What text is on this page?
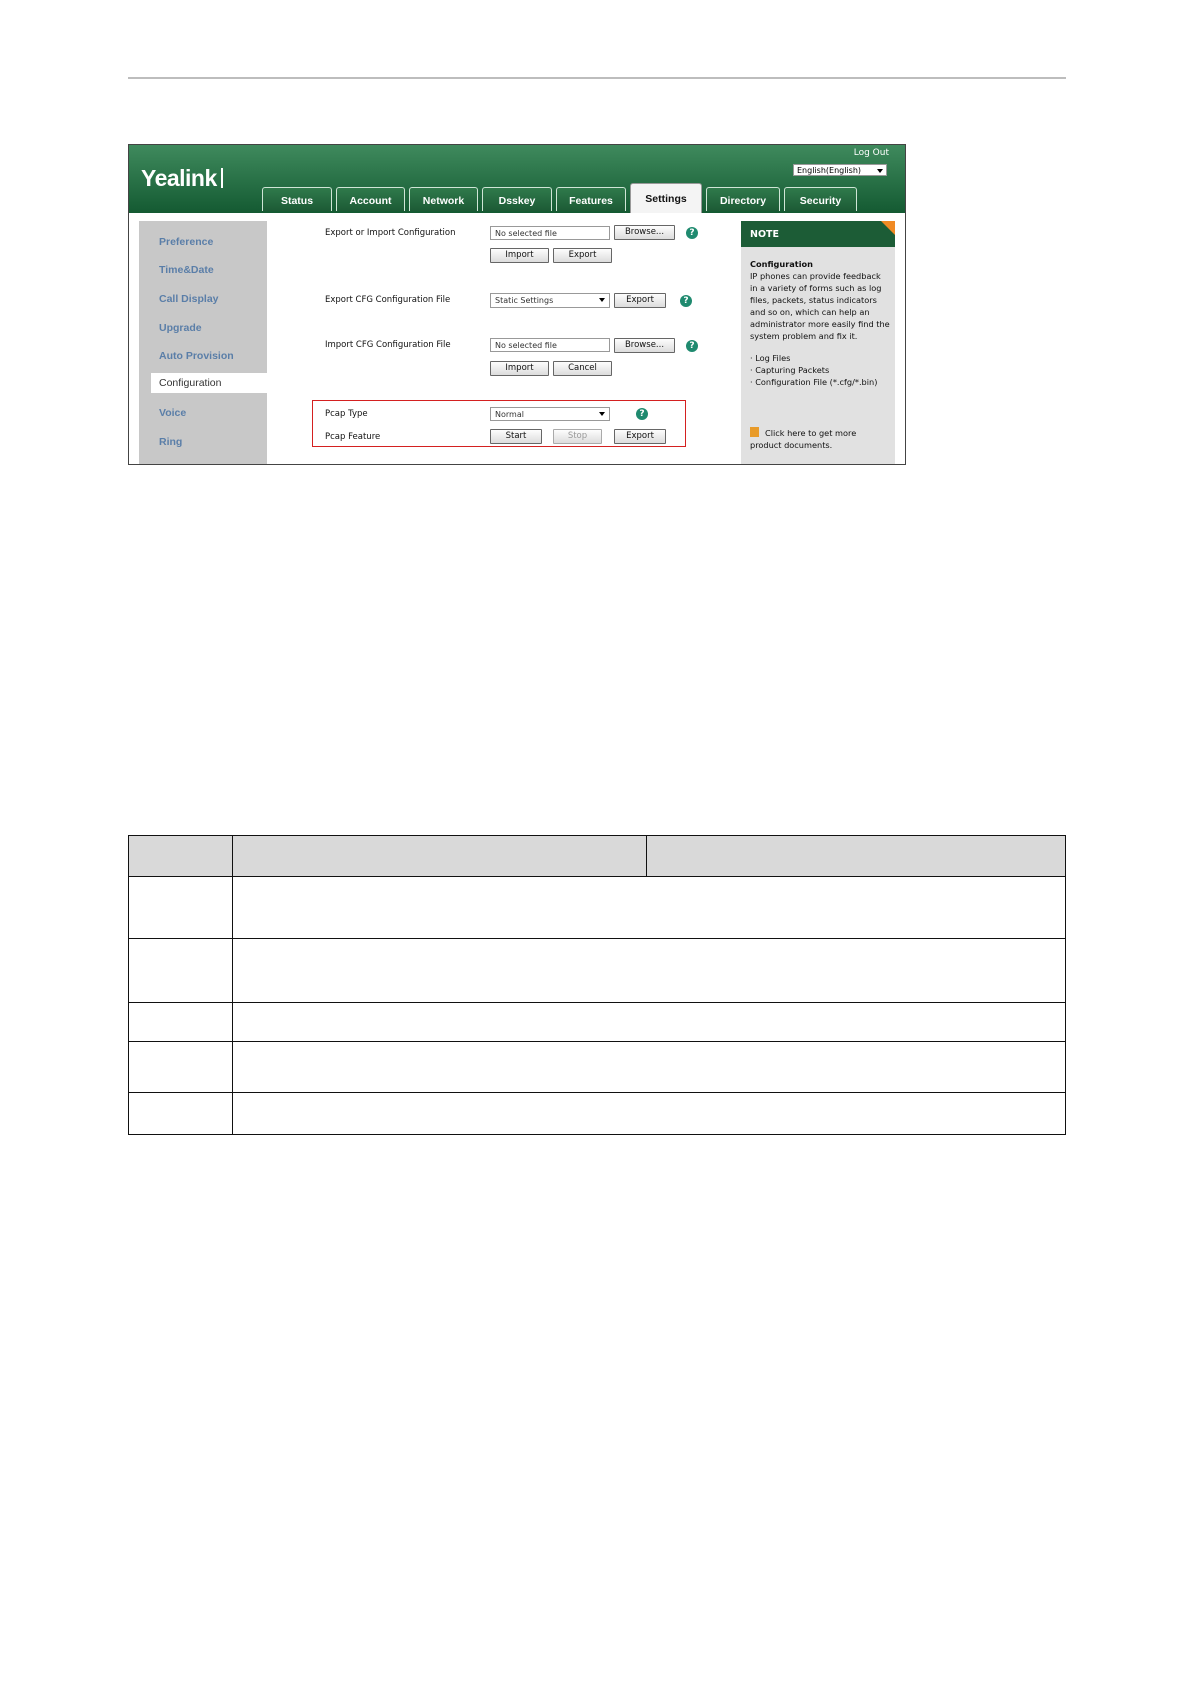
Yealink
Log Out
English(English)
Status	Account	Network	Dsskey	Features	Settings	Directory	Security
Preference
Time&Date
Call Display
Upgrade
Auto Provision
Configuration
Voice
Ring
Export or Import Configuration	No selected file	Browse...	?
Import	Export
Export CFG Configuration File	Static Settings	Export	?
Import CFG Configuration File	No selected file	Browse...	?
Import	Cancel
Pcap Type	Normal	?
Pcap Feature	Start	Stop	Export
NOTE
Configuration
IP phones can provide feedback in a variety of forms such as log files, packets, status indicators and so on, which can help an administrator more easily find the system problem and fix it.
· Log Files
· Capturing Packets
· Configuration File (*.cfg/*.bin)
Click here to get more product documents.
